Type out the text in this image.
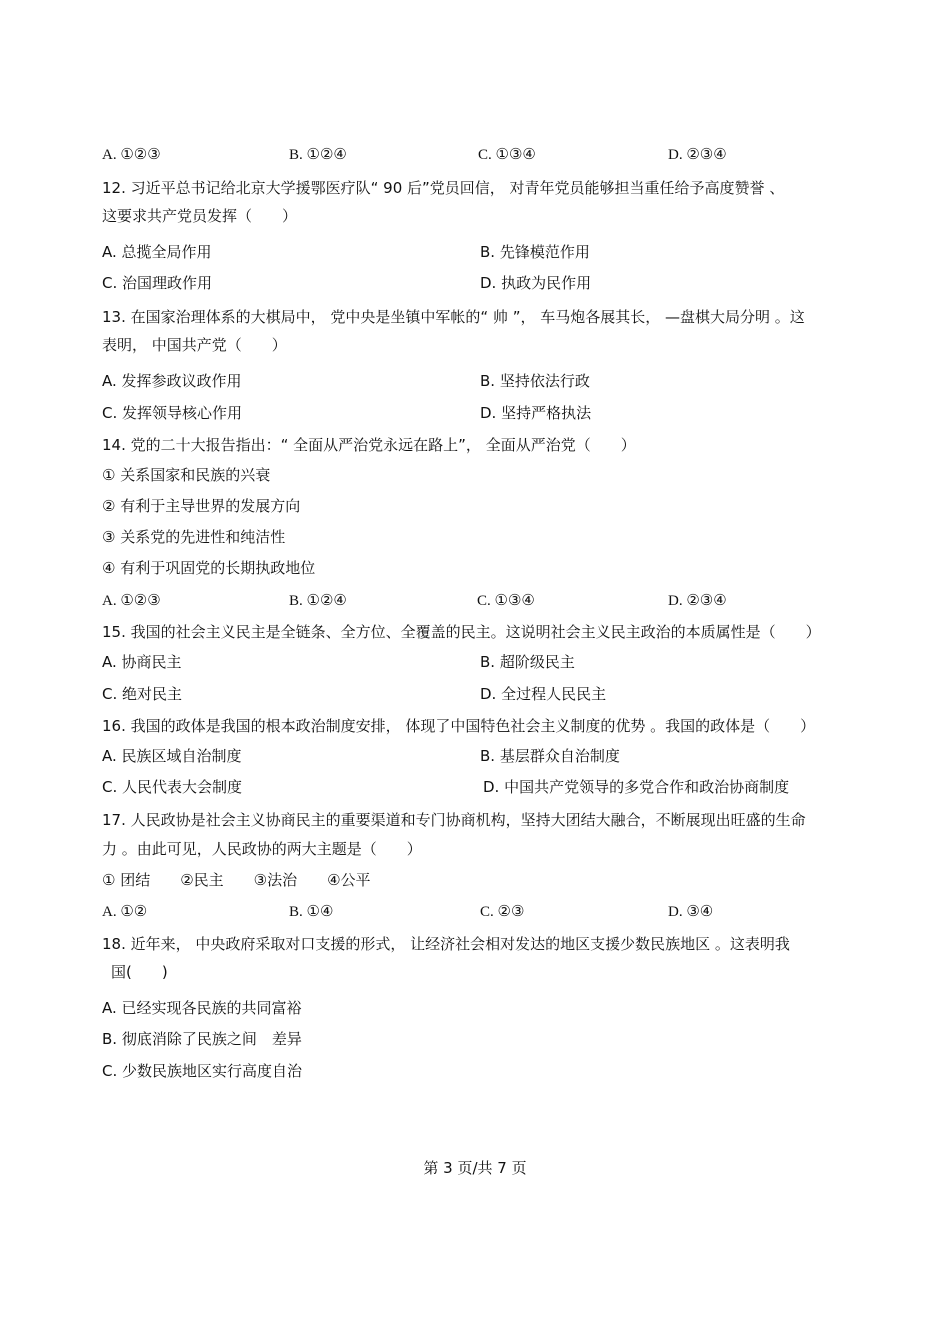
A. ①②③	B. ①②④	C. ①③④	D. ②③④
12. 习近平总书记给北京大学援鄂医疗队“ 90 后”党员回信， 对青年党员能够担当重任给予高度赞誉 、
这要求共产党员发挥（　　）
A. 总揽全局作用	B. 先锋模范作用
C. 治国理政作用	D. 执政为民作用
13. 在国家治理体系的大棋局中， 党中央是坐镇中军帐的“ 帅 ”， 车马炮各展其长， —盘棋大局分明 。这
表明， 中国共产党（　　）
A. 发挥参政议政作用	B. 坚持依法行政
C. 发挥领导核心作用	D. 坚持严格执法
14. 党的二十大报告指出：“ 全面从严治党永远在路上”， 全面从严治党（　　）
① 关系国家和民族的兴衰
② 有利于主导世界的发展方向
③ 关系党的先进性和纯洁性
④ 有利于巩固党的长期执政地位
A. ①②③	B. ①②④	C. ①③④	D. ②③④
15. 我国的社会主义民主是全链条、全方位、全覆盖的民主。这说明社会主义民主政治的本质属性是（　　）
A. 协商民主	B. 超阶级民主
C. 绝对民主	D. 全过程人民民主
16. 我国的政体是我国的根本政治制度安排， 体现了中国特色社会主义制度的优势 。我国的政体是（　　）
A. 民族区域自治制度	B. 基层群众自治制度
C. 人民代表大会制度	D. 中国共产党领导的多党合作和政治协商制度
17. 人民政协是社会主义协商民主的重要渠道和专门协商机构，坚持大团结大融合，不断展现出旺盛的生命
力 。由此可见，人民政协的两大主题是（　　）
① 团结　　②民主　　③法治　　④公平
A. ①②	B. ①④	C. ②③	D. ③④
18. 近年来， 中央政府采取对口支援的形式， 让经济社会相对发达的地区支援少数民族地区 。这表明我
国(　　)
A. 已经实现各民族的共同富裕
B. 彻底消除了民族之间　差异
C. 少数民族地区实行高度自治
第 3 页/共 7 页
